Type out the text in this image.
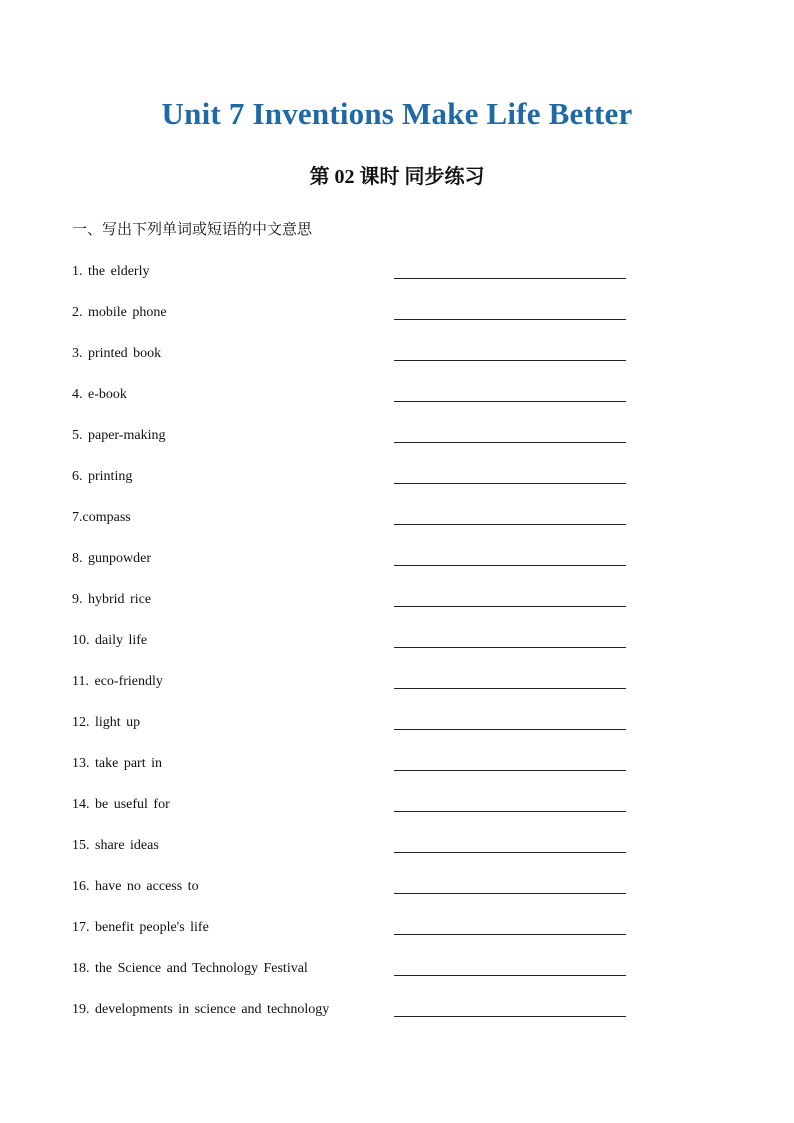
Unit 7 Inventions Make Life Better
第 02 课时 同步练习
一、写出下列单词或短语的中文意思
1. the elderly
2. mobile phone
3. printed book
4. e-book
5. paper-making
6. printing
7.compass
8. gunpowder
9. hybrid rice
10. daily life
11. eco-friendly
12. light up
13. take part in
14. be useful for
15. share ideas
16. have no access to
17. benefit people's life
18. the Science and Technology Festival
19. developments in science and technology
